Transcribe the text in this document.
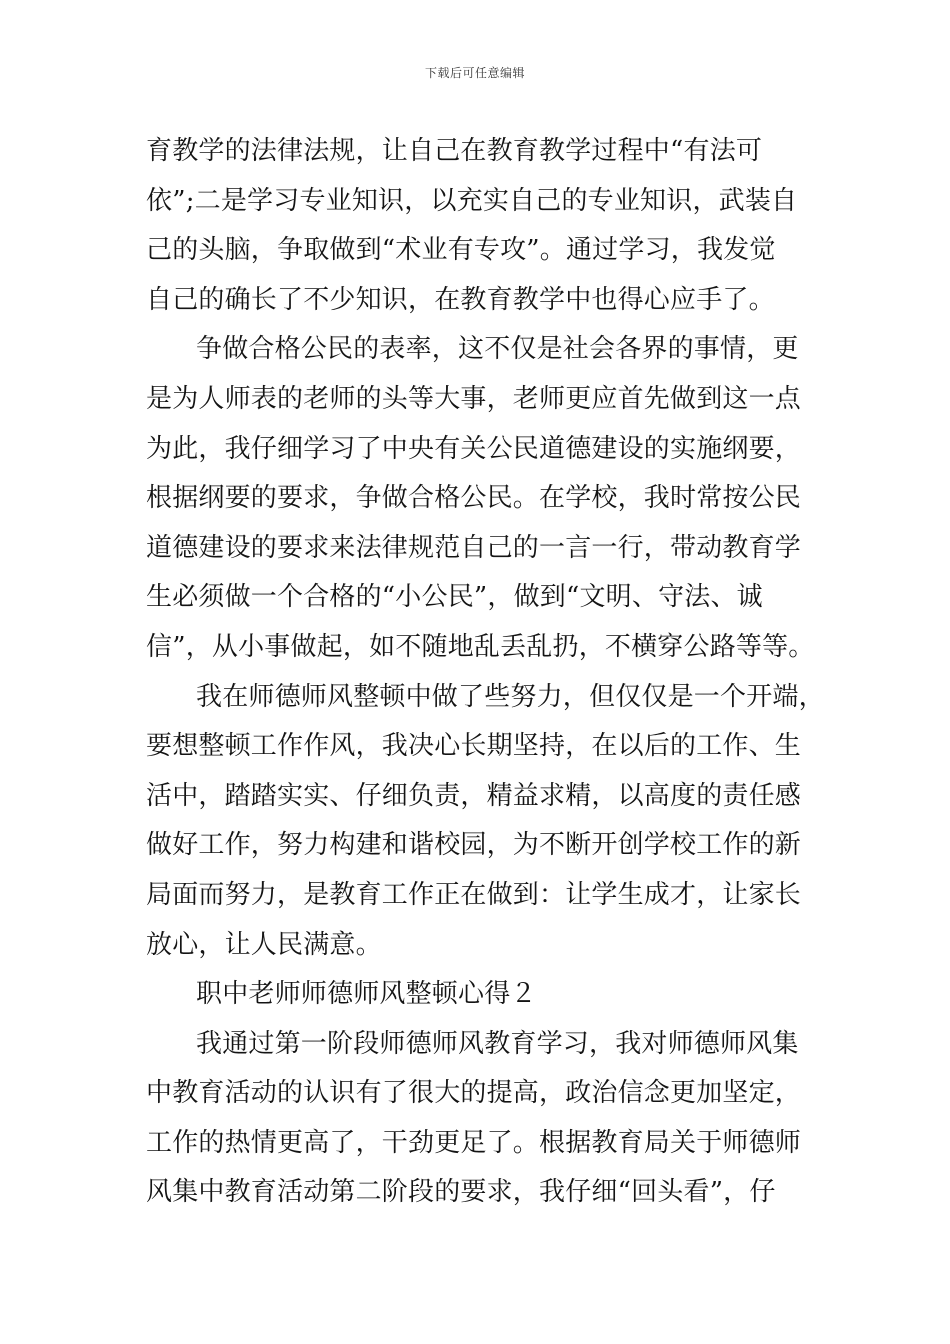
下载后可任意编辑
育教学的法律法规，让自己在教育教学过程中“有法可
依”;二是学习专业知识，以充实自己的专业知识，武装自
己的头脑，争取做到“术业有专攻”。通过学习，我发觉
自己的确长了不少知识，在教育教学中也得心应手了。
争做合格公民的表率，这不仅是社会各界的事情，更
是为人师表的老师的头等大事，老师更应首先做到这一点
为此，我仔细学习了中央有关公民道德建设的实施纲要，
根据纲要的要求，争做合格公民。在学校，我时常按公民
道德建设的要求来法律规范自己的一言一行，带动教育学
生必须做一个合格的“小公民”，做到“文明、守法、诚
信”，从小事做起，如不随地乱丢乱扔，不横穿公路等等。
我在师德师风整顿中做了些努力，但仅仅是一个开端，
要想整顿工作作风，我决心长期坚持，在以后的工作、生
活中，踏踏实实、仔细负责，精益求精，以高度的责任感
做好工作，努力构建和谐校园，为不断开创学校工作的新
局面而努力，是教育工作正在做到：让学生成才，让家长
放心，让人民满意。
职中老师师德师风整顿心得２
我通过第一阶段师德师风教育学习，我对师德师风集
中教育活动的认识有了很大的提高，政治信念更加坚定，
工作的热情更高了，干劲更足了。根据教育局关于师德师
风集中教育活动第二阶段的要求，我仔细“回头看”，仔
